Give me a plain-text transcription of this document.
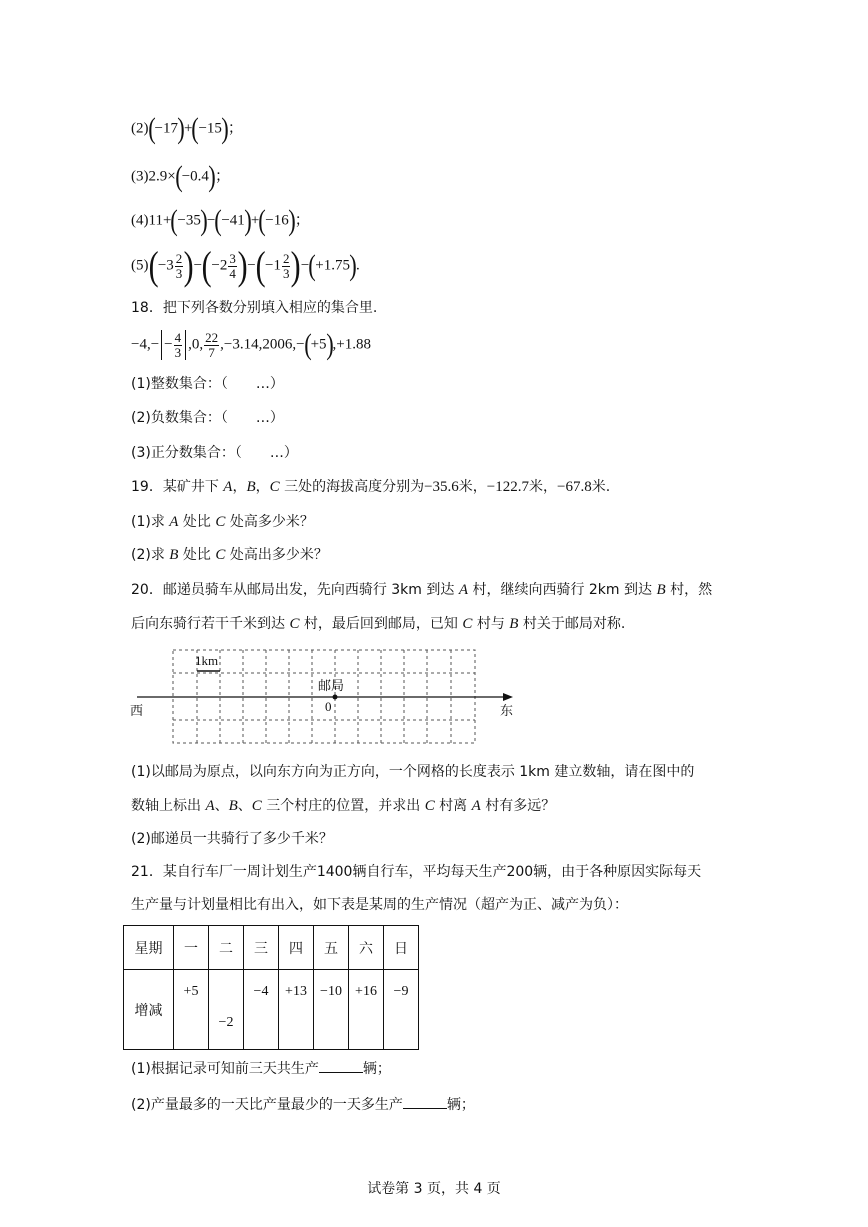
(2)(−17)+(−15)；
(3)2.9×(−0.4)；
(4)11+(−35)−(−41)+(−16)；
$(5)(-3 \frac{2}{3} )-(-2 \frac{3}{4} )-(-1 \frac{2}{3} )-(+1.75)$.
18．把下列各数分别填入相应的集合里.
$-4,- - \frac{4}{3} ,0$, $\frac{22}{7} ,-3.14,2006,-(+5),+1.88$
(1)整数集合：（　　…）
(2)负数集合：（　　…）
(3)正分数集合：（　　…）
19．某矿井下 A，B，C 三处的海拔高度分别为−35.6米，−122.7米，−67.8米.
(1)求 A 处比 C 处高多少米？
(2)求 B 处比 C 处高出多少米？
20．邮递员骑车从邮局出发，先向西骑行 3km 到达 A 村，继续向西骑行 2km 到达 B 村，然
后向东骑行若干千米到达 C 村，最后回到邮局，已知 C 村与 B 村关于邮局对称.
1km
邮局
0
西	东
(1)以邮局为原点，以向东方向为正方向，一个网格的长度表示 1km 建立数轴，请在图中的
数轴上标出 A、B、C 三个村庄的位置，并求出 C 村离 A 村有多远？
(2)邮递员一共骑行了多少千米？
21．某自行车厂一周计划生产1400辆自行车，平均每天生产200辆，由于各种原因实际每天
生产量与计划量相比有出入，如下表是某周的生产情况（超产为正、减产为负）：
星期	一	二	三	四	五	六	日
增减	+5	−2	−4	+13	−10	+16	−9
(1)根据记录可知前三天共生产	辆；
(2)产量最多的一天比产量最少的一天多生产	辆；
试卷第 3 页，共 4 页
